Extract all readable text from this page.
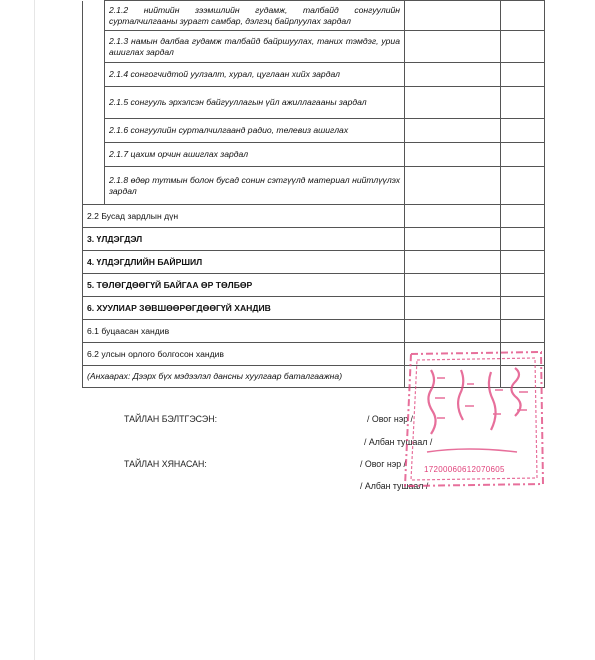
	2.1.2 нийтийн зээмшлийн гудамж, талбайд сонгуулийн сурталчилгааны зурагт самбар, дэлгэц байрлуулах зардал		
	2.1.3 намын далбаа гудамж талбайд байршуулах, таних тэмдэг, уриа ашиглах зардал		
	2.1.4 сонгогчидтой уулзалт, хурал, цуглаан хийх зардал		
	2.1.5 сонгууль эрхэлсэн байгууллагын үйл ажиллагааны зардал		
	2.1.6 сонгуулийн сурталчилгаанд радио, телевиз ашиглах		
	2.1.7 цахим орчин ашиглах зардал		
	2.1.8 өдөр тутмын болон бусад сонин сэтгүүлд материал нийтлүүлэх зардал		
2.2 Бусад зардлын дүн			
3. ҮЛДЭГДЭЛ			
4. ҮЛДЭГДЛИЙН БАЙРШИЛ			
5. ТӨЛӨГДӨӨГҮЙ БАЙГАА ӨР ТӨЛБӨР			
6. ХУУЛИАР ЗӨВШӨӨРӨГДӨӨГҮЙ ХАНДИВ			
6.1 буцаасан хандив			
6.2 улсын орлого болгосон хандив			
(Анхаарах: Дээрх бүх мэдээлэл дансны хуулгаар баталгаажна)			
ТАЙЛАН БЭЛТГЭСЭН:	/ Овог нэр /
/ Албан тушаал /
ТАЙЛАН ХЯНАСАН:	/ Овог нэр /
/ Албан тушаал /
17200060612070605
